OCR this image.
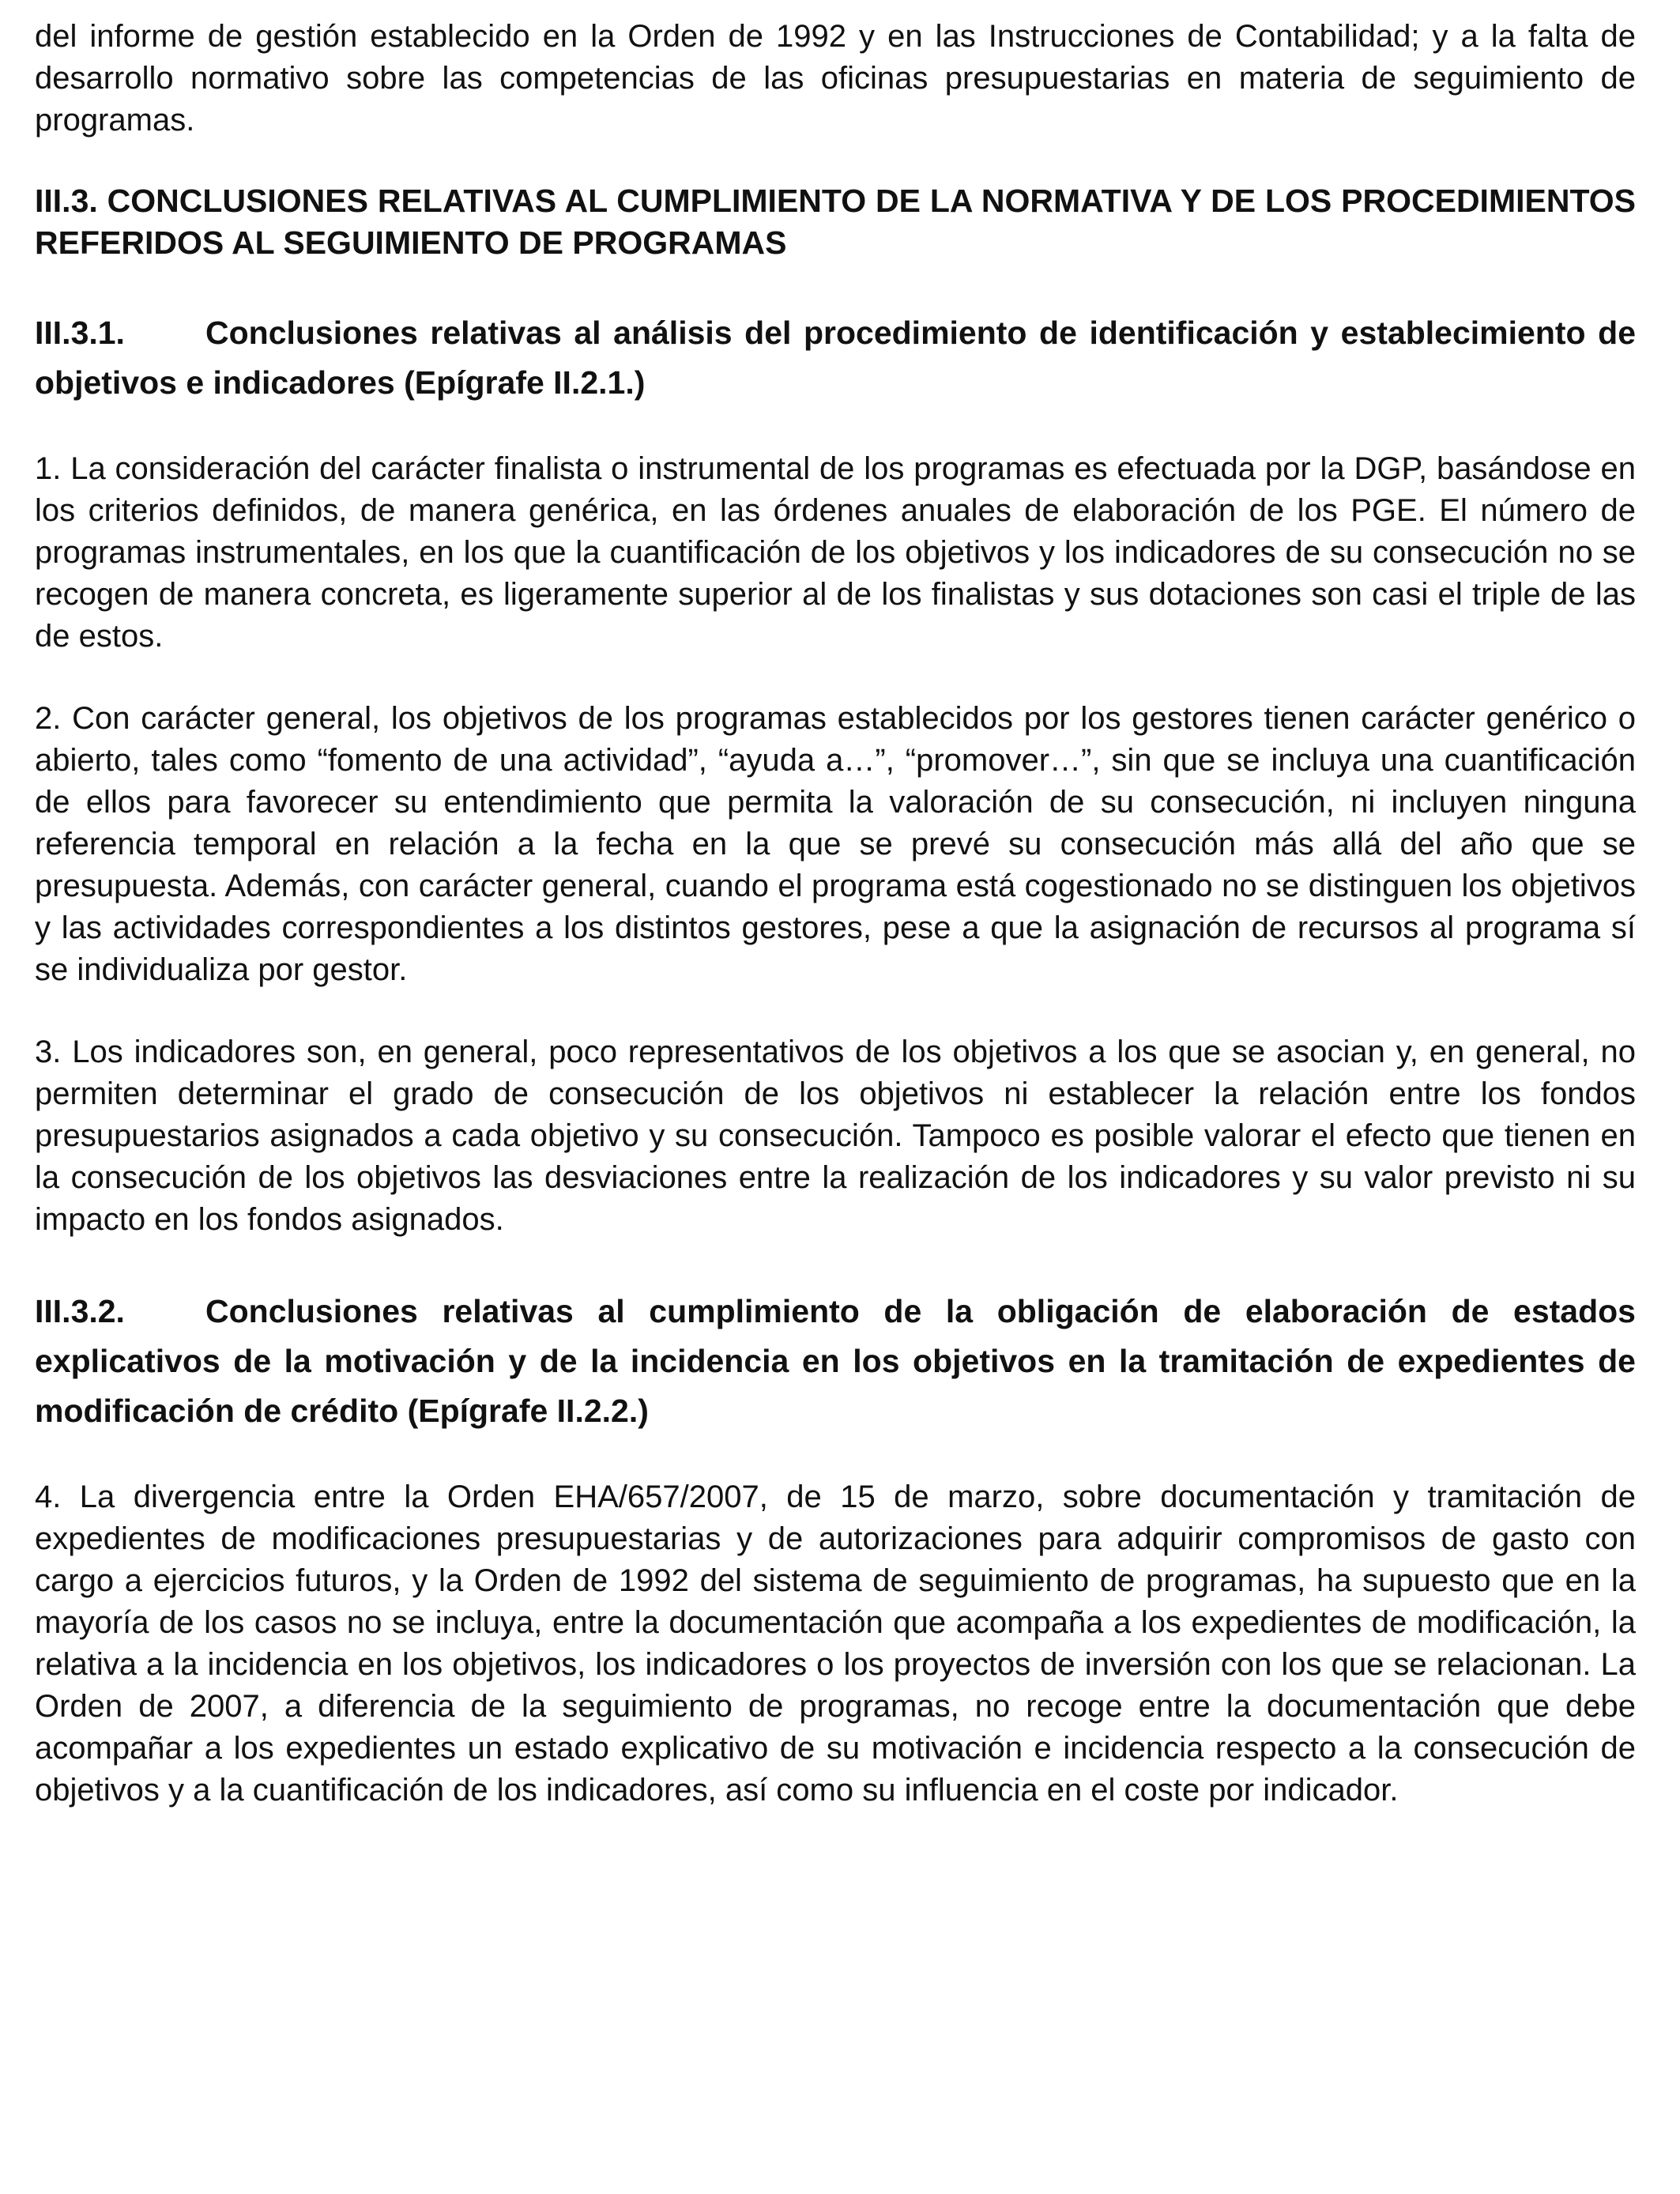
del informe de gestión establecido en la Orden de 1992 y en las Instrucciones de Contabilidad; y a la falta de desarrollo normativo sobre las competencias de las oficinas presupuestarias en materia de seguimiento de programas.

III.3. CONCLUSIONES RELATIVAS AL CUMPLIMIENTO DE LA NORMATIVA Y DE LOS PROCEDIMIENTOS REFERIDOS AL SEGUIMIENTO DE PROGRAMAS

III.3.1. Conclusiones relativas al análisis del procedimiento de identificación y establecimiento de objetivos e indicadores (Epígrafe II.2.1.)

1. La consideración del carácter finalista o instrumental de los programas es efectuada por la DGP, basándose en los criterios definidos, de manera genérica, en las órdenes anuales de elaboración de los PGE. El número de programas instrumentales, en los que la cuantificación de los objetivos y los indicadores de su consecución no se recogen de manera concreta, es ligeramente superior al de los finalistas y sus dotaciones son casi el triple de las de estos.

2. Con carácter general, los objetivos de los programas establecidos por los gestores tienen carácter genérico o abierto, tales como “fomento de una actividad”, “ayuda a…”, “promover…”, sin que se incluya una cuantificación de ellos para favorecer su entendimiento que permita la valoración de su consecución, ni incluyen ninguna referencia temporal en relación a la fecha en la que se prevé su consecución más allá del año que se presupuesta. Además, con carácter general, cuando el programa está cogestionado no se distinguen los objetivos y las actividades correspondientes a los distintos gestores, pese a que la asignación de recursos al programa sí se individualiza por gestor.

3. Los indicadores son, en general, poco representativos de los objetivos a los que se asocian y, en general, no permiten determinar el grado de consecución de los objetivos ni establecer la relación entre los fondos presupuestarios asignados a cada objetivo y su consecución. Tampoco es posible valorar el efecto que tienen en la consecución de los objetivos las desviaciones entre la realización de los indicadores y su valor previsto ni su impacto en los fondos asignados.

III.3.2. Conclusiones relativas al cumplimiento de la obligación de elaboración de estados explicativos de la motivación y de la incidencia en los objetivos en la tramitación de expedientes de modificación de crédito (Epígrafe II.2.2.)

4. La divergencia entre la Orden EHA/657/2007, de 15 de marzo, sobre documentación y tramitación de expedientes de modificaciones presupuestarias y de autorizaciones para adquirir compromisos de gasto con cargo a ejercicios futuros, y la Orden de 1992 del sistema de seguimiento de programas, ha supuesto que en la mayoría de los casos no se incluya, entre la documentación que acompaña a los expedientes de modificación, la relativa a la incidencia en los objetivos, los indicadores o los proyectos de inversión con los que se relacionan. La Orden de 2007, a diferencia de la seguimiento de programas, no recoge entre la documentación que debe acompañar a los expedientes un estado explicativo de su motivación e incidencia respecto a la consecución de objetivos y a la cuantificación de los indicadores, así como su influencia en el coste por indicador.
